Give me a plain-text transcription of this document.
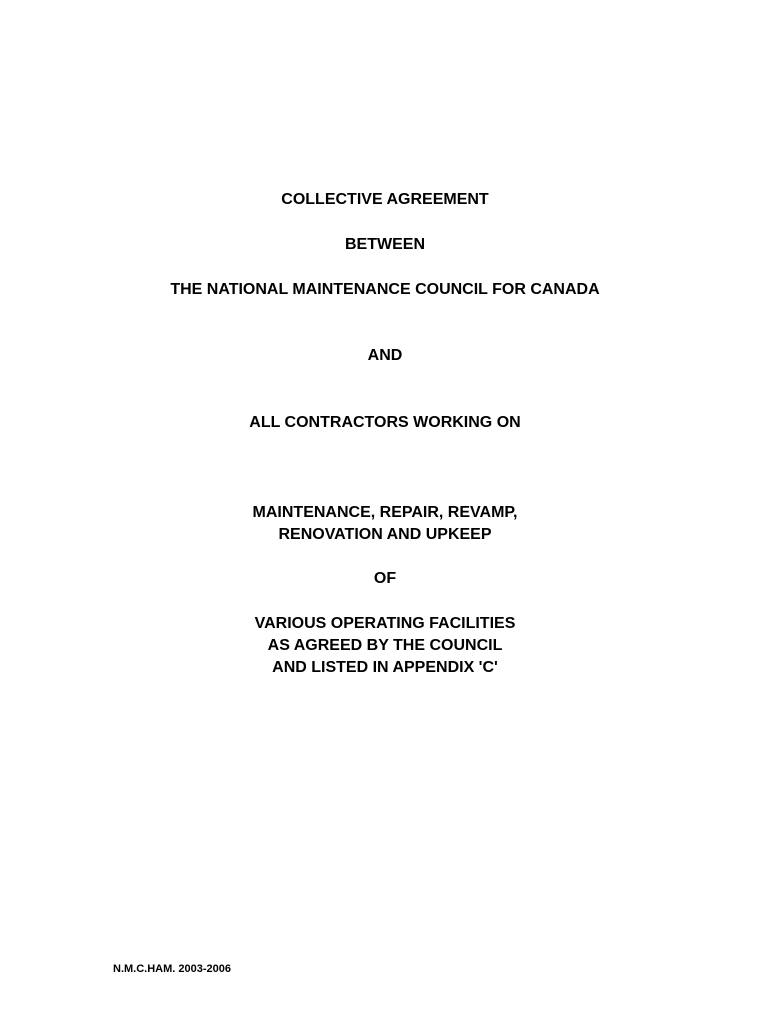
COLLECTIVE AGREEMENT
BETWEEN
THE NATIONAL MAINTENANCE COUNCIL FOR CANADA
AND
ALL CONTRACTORS WORKING ON
MAINTENANCE, REPAIR, REVAMP,
RENOVATION AND UPKEEP
OF
VARIOUS OPERATING FACILITIES
AS AGREED BY THE COUNCIL
AND LISTED IN APPENDIX 'C'
N.M.C.HAM. 2003-2006
